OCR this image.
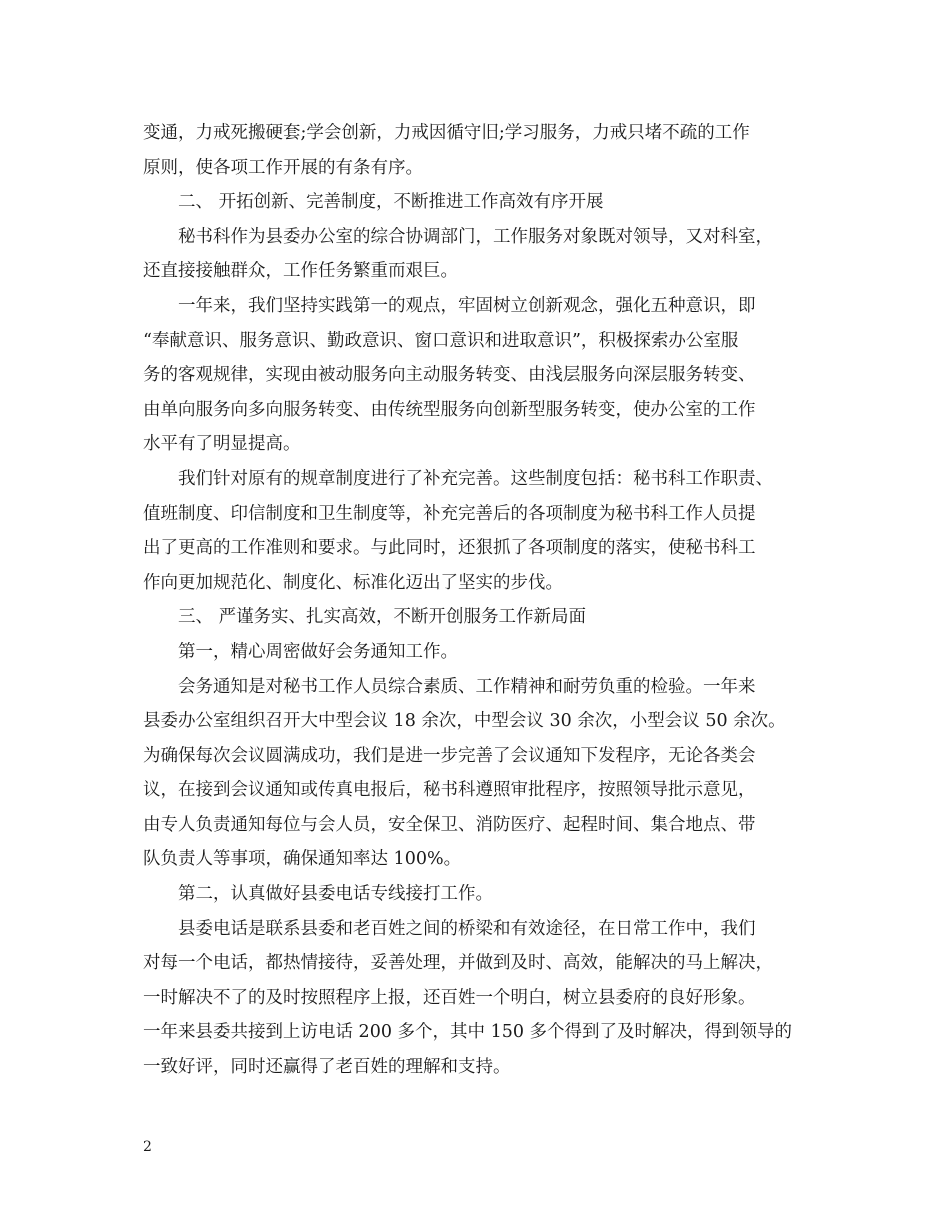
变通，力戒死搬硬套;学会创新，力戒因循守旧;学习服务，力戒只堵不疏的工作
原则，使各项工作开展的有条有序。
二、 开拓创新、完善制度，不断推进工作高效有序开展
秘书科作为县委办公室的综合协调部门，工作服务对象既对领导，又对科室，
还直接接触群众，工作任务繁重而艰巨。
一年来，我们坚持实践第一的观点，牢固树立创新观念，强化五种意识，即
“奉献意识、服务意识、勤政意识、窗口意识和进取意识”，积极探索办公室服
务的客观规律，实现由被动服务向主动服务转变、由浅层服务向深层服务转变、
由单向服务向多向服务转变、由传统型服务向创新型服务转变，使办公室的工作
水平有了明显提高。
我们针对原有的规章制度进行了补充完善。这些制度包括：秘书科工作职责、
值班制度、印信制度和卫生制度等，补充完善后的各项制度为秘书科工作人员提
出了更高的工作准则和要求。与此同时，还狠抓了各项制度的落实，使秘书科工
作向更加规范化、制度化、标准化迈出了坚实的步伐。
三、 严谨务实、扎实高效，不断开创服务工作新局面
第一，精心周密做好会务通知工作。
会务通知是对秘书工作人员综合素质、工作精神和耐劳负重的检验。一年来
县委办公室组织召开大中型会议 18 余次，中型会议 30 余次，小型会议 50 余次。
为确保每次会议圆满成功，我们是进一步完善了会议通知下发程序，无论各类会
议，在接到会议通知或传真电报后，秘书科遵照审批程序，按照领导批示意见，
由专人负责通知每位与会人员，安全保卫、消防医疗、起程时间、集合地点、带
队负责人等事项，确保通知率达 100%。
第二，认真做好县委电话专线接打工作。
县委电话是联系县委和老百姓之间的桥梁和有效途径，在日常工作中，我们
对每一个电话，都热情接待，妥善处理，并做到及时、高效，能解决的马上解决，
一时解决不了的及时按照程序上报，还百姓一个明白，树立县委府的良好形象。
一年来县委共接到上访电话 200 多个，其中 150 多个得到了及时解决，得到领导的
一致好评，同时还赢得了老百姓的理解和支持。
2
